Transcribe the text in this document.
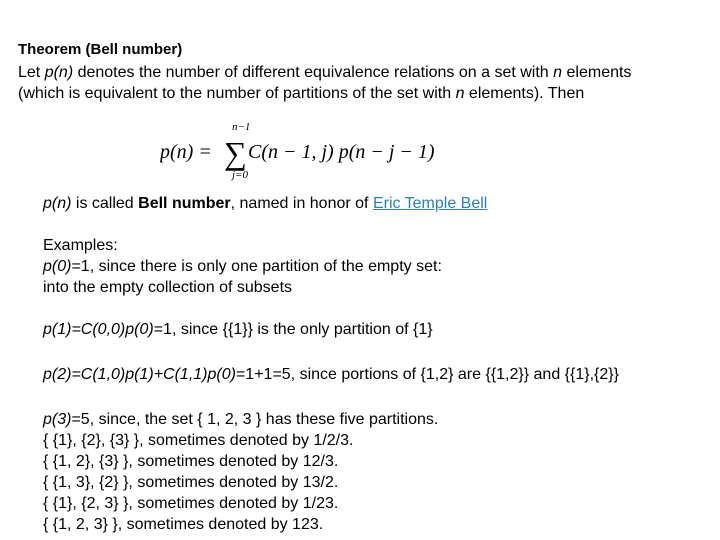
Theorem (Bell number)
Let p(n) denotes the number of different equivalence relations on a set with n elements
(which is equivalent to the number of partitions of the set with n elements). Then
p(n) =
n−1
∑
j=0
C(n − 1, j) p(n − j − 1)
p(n) is called Bell number, named in honor of Eric Temple Bell
Examples:
p(0)=1, since there is only one partition of the empty set:
into the empty collection of subsets
p(1)=C(0,0)p(0)=1, since {{1}} is the only partition of {1}
p(2)=C(1,0)p(1)+C(1,1)p(0)=1+1=5, since portions of {1,2} are {{1,2}} and {{1},{2}}
p(3)=5, since, the set { 1, 2, 3 } has these five partitions.
{ {1}, {2}, {3} }, sometimes denoted by 1/2/3.
{ {1, 2}, {3} }, sometimes denoted by 12/3.
{ {1, 3}, {2} }, sometimes denoted by 13/2.
{ {1}, {2, 3} }, sometimes denoted by 1/23.
{ {1, 2, 3} }, sometimes denoted by 123.
